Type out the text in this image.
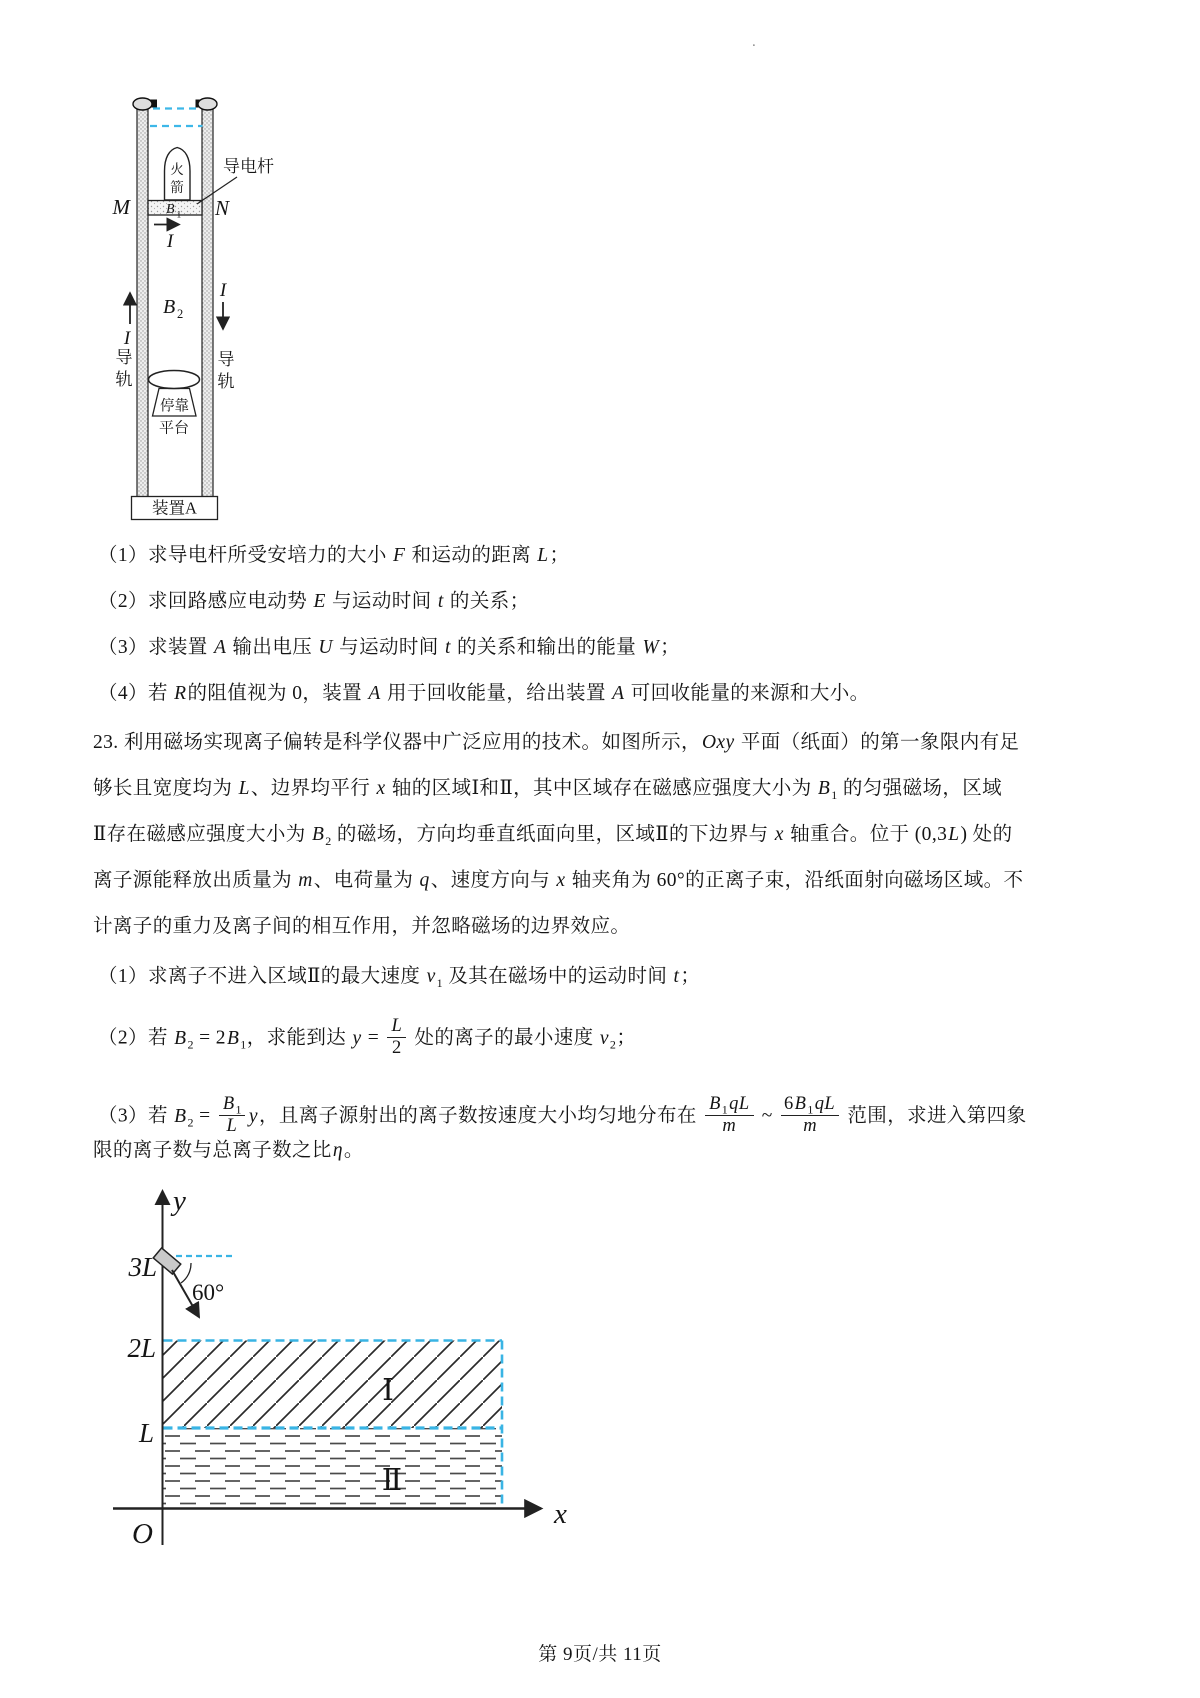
.
火
箭
B 1
导电杆
M	N
I
B 2
I
I
导
轨
导
轨
停靠
平台
装置A
（1）求导电杆所受安培力的大小 F 和运动的距离 L；
（2）求回路感应电动势 E 与运动时间 t 的关系；
（3）求装置 A 输出电压 U 与运动时间 t 的关系和输出的能量 W；
（4）若 R的阻值视为 0，装置 A 用于回收能量，给出装置 A 可回收能量的来源和大小。
23. 利用磁场实现离子偏转是科学仪器中广泛应用的技术。如图所示，Oxy 平面（纸面）的第一象限内有足
够长且宽度均为 L、边界均平行 x 轴的区域Ⅰ和Ⅱ，其中区域存在磁感应强度大小为 $B_1$ 的匀强磁场，区域
Ⅱ存在磁感应强度大小为 $B_2$ 的磁场，方向均垂直纸面向里，区域Ⅱ的下边界与 x 轴重合。位于 (0,3L) 处的
离子源能释放出质量为 m、电荷量为 q、速度方向与 x 轴夹角为 60°的正离子束，沿纸面射向磁场区域。不
计离子的重力及离子间的相互作用，并忽略磁场的边界效应。
（1）求离子不进入区域Ⅱ的最大速度 $v_1$ 及其在磁场中的运动时间 t；
（2）若 $B_2 = 2B_1$，求能到达 $y = \frac{L}{2}$ 处的离子的最小速度 $v_2$；
（3）若 $B_2 = \frac{B_1}{L}$ y，且离子源射出的离子数按速度大小均匀地分布在 $\frac{B_1qL}{m}$ ~ $\frac{6B_1qL}{m}$ 范围，求进入第四象
限的离子数与总离子数之比η。
y
x
O
3L
2L
L
60°
Ⅰ
Ⅱ
第 9页/共 11页
